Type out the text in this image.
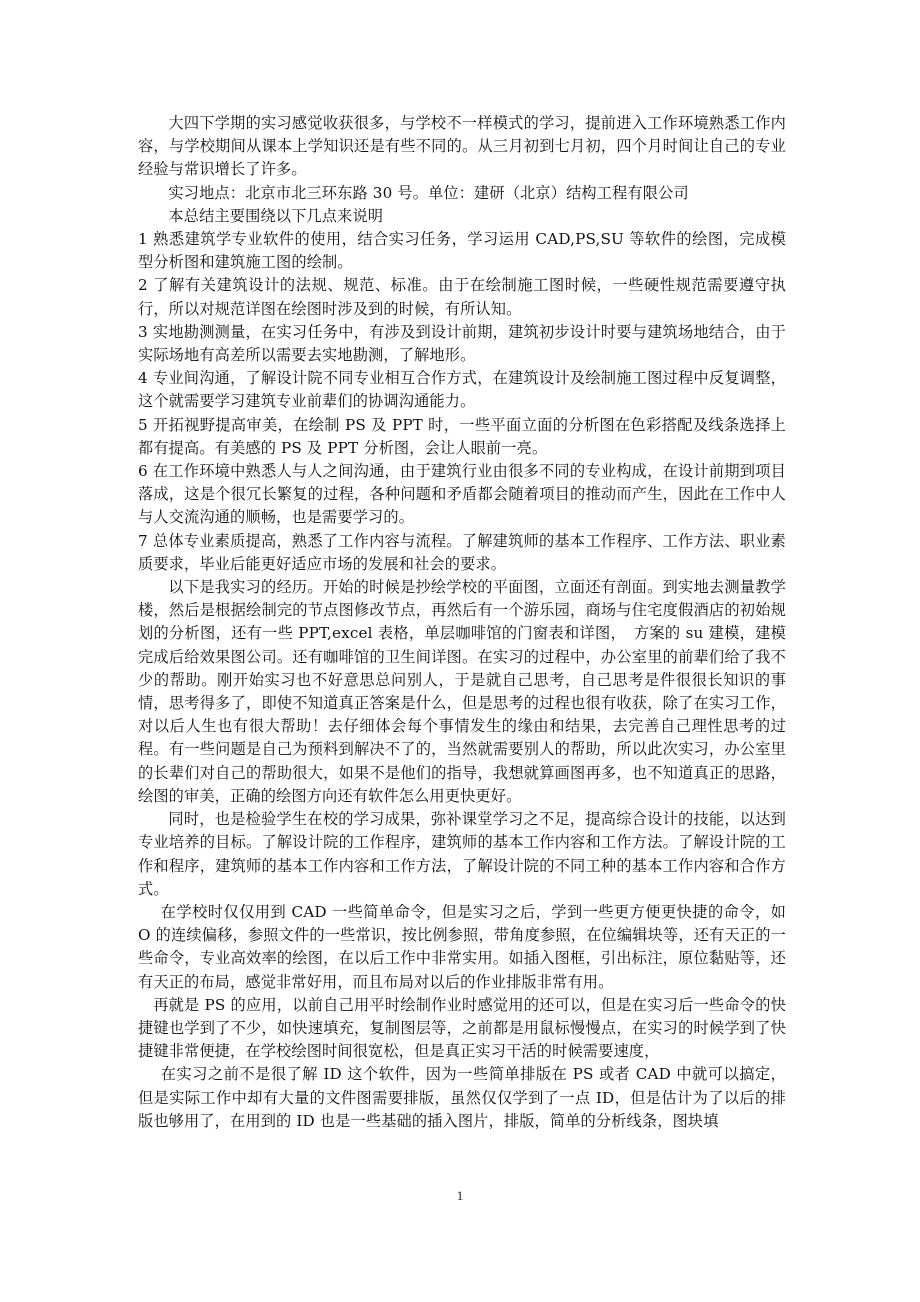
大四下学期的实习感觉收获很多，与学校不一样模式的学习，提前进入工作环境熟悉工作内容，与学校期间从课本上学知识还是有些不同的。从三月初到七月初，四个月时间让自己的专业经验与常识增长了许多。

实习地点：北京市北三环东路 30 号。单位：建研（北京）结构工程有限公司

本总结主要围绕以下几点来说明

1 熟悉建筑学专业软件的使用，结合实习任务，学习运用 CAD,PS,SU 等软件的绘图，完成模型分析图和建筑施工图的绘制。

2 了解有关建筑设计的法规、规范、标准。由于在绘制施工图时候，一些硬性规范需要遵守执行，所以对规范详图在绘图时涉及到的时候，有所认知。

3 实地勘测测量，在实习任务中，有涉及到设计前期，建筑初步设计时要与建筑场地结合，由于实际场地有高差所以需要去实地勘测，了解地形。

4 专业间沟通，了解设计院不同专业相互合作方式，在建筑设计及绘制施工图过程中反复调整，这个就需要学习建筑专业前辈们的协调沟通能力。

5 开拓视野提高审美，在绘制 PS 及 PPT 时，一些平面立面的分析图在色彩搭配及线条选择上都有提高。有美感的 PS 及 PPT 分析图，会让人眼前一亮。

6 在工作环境中熟悉人与人之间沟通，由于建筑行业由很多不同的专业构成，在设计前期到项目落成，这是个很冗长繁复的过程，各种问题和矛盾都会随着项目的推动而产生，因此在工作中人与人交流沟通的顺畅，也是需要学习的。

7 总体专业素质提高，熟悉了工作内容与流程。了解建筑师的基本工作程序、工作方法、职业素质要求，毕业后能更好适应市场的发展和社会的要求。

以下是我实习的经历。开始的时候是抄绘学校的平面图，立面还有剖面。到实地去测量教学楼，然后是根据绘制完的节点图修改节点，再然后有一个游乐园，商场与住宅度假酒店的初始规划的分析图，还有一些 PPT,excel 表格，单层咖啡馆的门窗表和详图，　方案的 su 建模，建模完成后给效果图公司。还有咖啡馆的卫生间详图。在实习的过程中，办公室里的前辈们给了我不少的帮助。刚开始实习也不好意思总问别人，于是就自己思考，自己思考是件很很长知识的事情，思考得多了，即使不知道真正答案是什么，但是思考的过程也很有收获，除了在实习工作，对以后人生也有很大帮助！去仔细体会每个事情发生的缘由和结果，去完善自己理性思考的过程。有一些问题是自己为预料到解决不了的，当然就需要别人的帮助，所以此次实习，办公室里的长辈们对自己的帮助很大，如果不是他们的指导，我想就算画图再多，也不知道真正的思路，绘图的审美，正确的绘图方向还有软件怎么用更快更好。

同时，也是检验学生在校的学习成果，弥补课堂学习之不足，提高综合设计的技能，以达到专业培养的目标。了解设计院的工作程序，建筑师的基本工作内容和工作方法。了解设计院的工作和程序，建筑师的基本工作内容和工作方法，了解设计院的不同工种的基本工作内容和合作方式。

在学校时仅仅用到 CAD 一些简单命令，但是实习之后，学到一些更方便更快捷的命令，如 O 的连续偏移，参照文件的一些常识，按比例参照，带角度参照，在位编辑块等，还有天正的一些命令，专业高效率的绘图，在以后工作中非常实用。如插入图框，引出标注，原位黏贴等，还有天正的布局，感觉非常好用，而且布局对以后的作业排版非常有用。

再就是 PS 的应用，以前自己用平时绘制作业时感觉用的还可以，但是在实习后一些命令的快捷键也学到了不少，如快速填充，复制图层等，之前都是用鼠标慢慢点，在实习的时候学到了快捷键非常便捷，在学校绘图时间很宽松，但是真正实习干活的时候需要速度，

在实习之前不是很了解 ID 这个软件，因为一些简单排版在 PS 或者 CAD 中就可以搞定，但是实际工作中却有大量的文件图需要排版，虽然仅仅学到了一点 ID，但是估计为了以后的排版也够用了，在用到的 ID 也是一些基础的插入图片，排版，简单的分析线条，图块填

1
